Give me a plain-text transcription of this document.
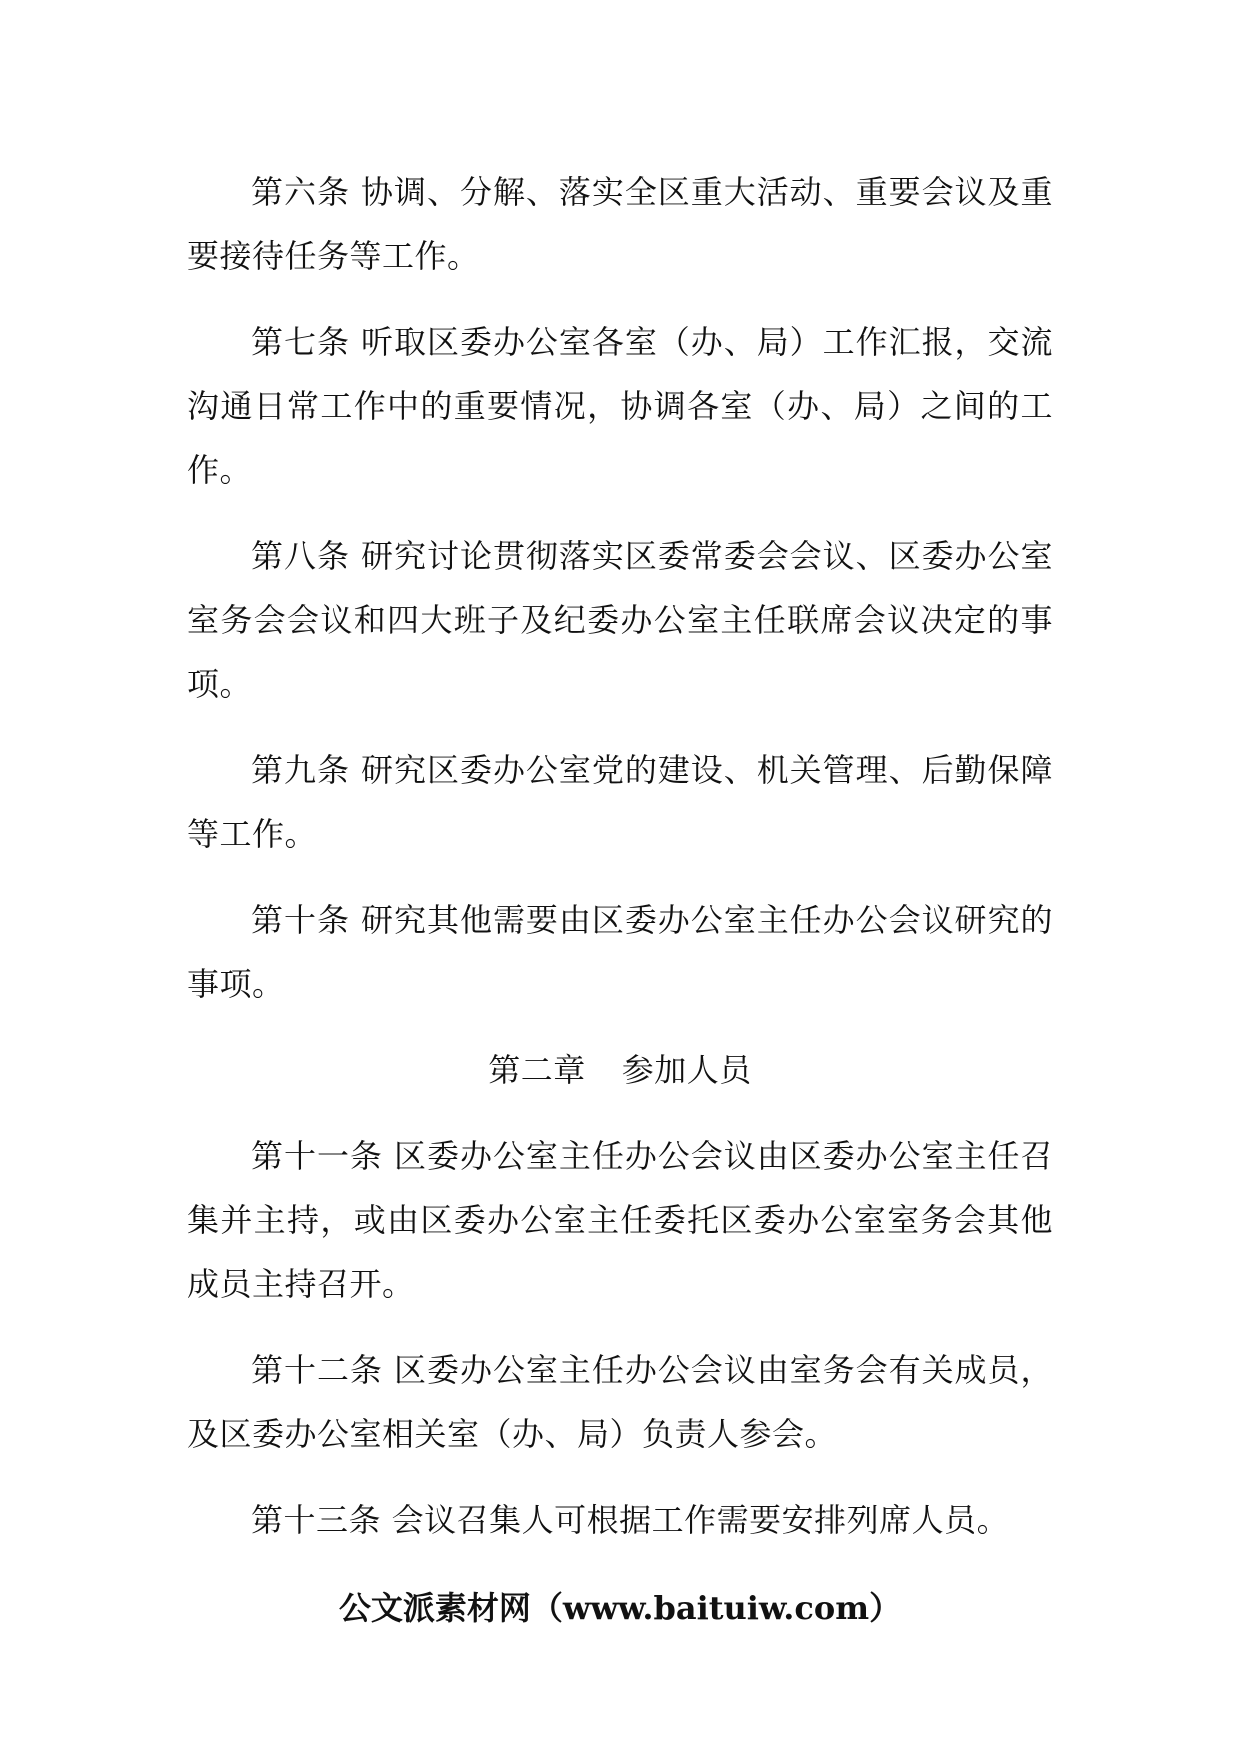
第六条 协调、分解、落实全区重大活动、重要会议及重要接待任务等工作。

第七条 听取区委办公室各室（办、局）工作汇报，交流沟通日常工作中的重要情况，协调各室（办、局）之间的工作。

第八条 研究讨论贯彻落实区委常委会会议、区委办公室室务会会议和四大班子及纪委办公室主任联席会议决定的事项。

第九条 研究区委办公室党的建设、机关管理、后勤保障等工作。

第十条 研究其他需要由区委办公室主任办公会议研究的事项。

第二章 参加人员

第十一条 区委办公室主任办公会议由区委办公室主任召集并主持，或由区委办公室主任委托区委办公室室务会其他成员主持召开。

第十二条 区委办公室主任办公会议由室务会有关成员，及区委办公室相关室（办、局）负责人参会。

第十三条 会议召集人可根据工作需要安排列席人员。

公文派素材网（www.baituiw.com）
